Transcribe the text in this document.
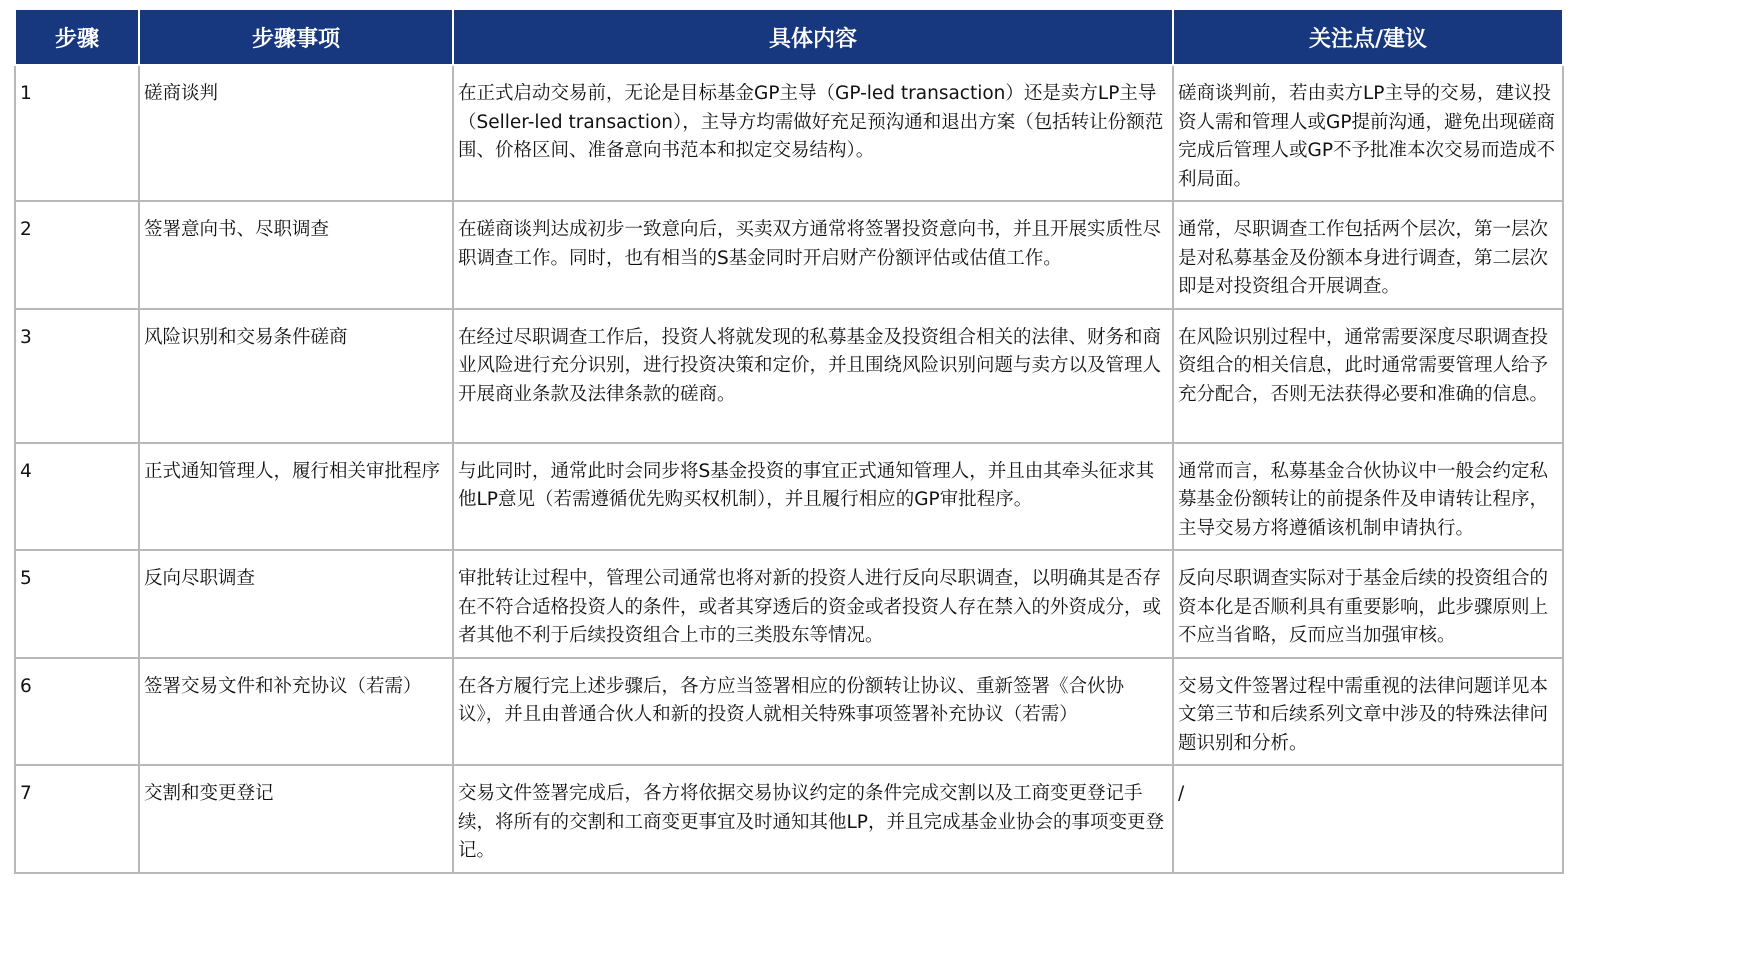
步骤	步骤事项	具体内容	关注点/建议
1	磋商谈判	在正式启动交易前，无论是目标基金GP主导（GP-led transaction）还是卖方LP主导（Seller-led transaction），主导方均需做好充足预沟通和退出方案（包括转让份额范围、价格区间、准备意向书范本和拟定交易结构）。	磋商谈判前，若由卖方LP主导的交易，建议投资人需和管理人或GP提前沟通，避免出现磋商完成后管理人或GP不予批准本次交易而造成不利局面。
2	签署意向书、尽职调查	在磋商谈判达成初步一致意向后，买卖双方通常将签署投资意向书，并且开展实质性尽职调查工作。同时，也有相当的S基金同时开启财产份额评估或估值工作。	通常，尽职调查工作包括两个层次，第一层次是对私募基金及份额本身进行调查，第二层次即是对投资组合开展调查。
3	风险识别和交易条件磋商	在经过尽职调查工作后，投资人将就发现的私募基金及投资组合相关的法律、财务和商业风险进行充分识别，进行投资决策和定价，并且围绕风险识别问题与卖方以及管理人开展商业条款及法律条款的磋商。	在风险识别过程中，通常需要深度尽职调查投资组合的相关信息，此时通常需要管理人给予充分配合，否则无法获得必要和准确的信息。
4	正式通知管理人，履行相关审批程序	与此同时，通常此时会同步将S基金投资的事宜正式通知管理人，并且由其牵头征求其他LP意见（若需遵循优先购买权机制），并且履行相应的GP审批程序。	通常而言，私募基金合伙协议中一般会约定私募基金份额转让的前提条件及申请转让程序，主导交易方将遵循该机制申请执行。
5	反向尽职调查	审批转让过程中，管理公司通常也将对新的投资人进行反向尽职调查，以明确其是否存在不符合适格投资人的条件，或者其穿透后的资金或者投资人存在禁入的外资成分，或者其他不利于后续投资组合上市的三类股东等情况。	反向尽职调查实际对于基金后续的投资组合的资本化是否顺利具有重要影响，此步骤原则上不应当省略，反而应当加强审核。
6	签署交易文件和补充协议（若需）	在各方履行完上述步骤后，各方应当签署相应的份额转让协议、重新签署《合伙协议》，并且由普通合伙人和新的投资人就相关特殊事项签署补充协议（若需）	交易文件签署过程中需重视的法律问题详见本文第三节和后续系列文章中涉及的特殊法律问题识别和分析。
7	交割和变更登记	交易文件签署完成后，各方将依据交易协议约定的条件完成交割以及工商变更登记手续，将所有的交割和工商变更事宜及时通知其他LP，并且完成基金业协会的事项变更登记。	/
